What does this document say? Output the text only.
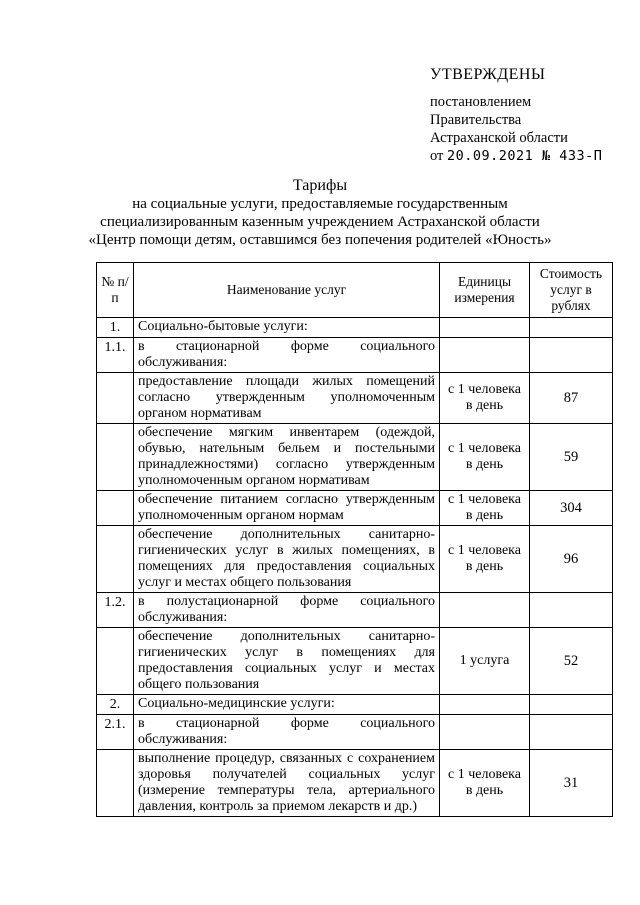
УТВЕРЖДЕНЫ
постановлением
Правительства
Астраханской области
от 20.09.2021 № 433-П
Тарифы
на социальные услуги, предоставляемые государственным
специализированным казенным учреждением Астраханской области
«Центр помощи детям, оставшимся без попечения родителей «Юность»
№ п/п	Наименование услуг	Единицы измерения	Стоимость услуг в рублях
1.	Социально-бытовые услуги:		
1.1.	в стационарной форме социального обслуживания:		
	предоставление площади жилых помещений согласно утвержденным уполномоченным органом нормативам	с 1 человека в день	87
	обеспечение мягким инвентарем (одеждой, обувью, нательным бельем и постельными принадлежностями) согласно утвержденным уполномоченным органом нормативам	с 1 человека в день	59
	обеспечение питанием согласно утвержденным уполномоченным органом нормам	с 1 человека в день	304
	обеспечение дополнительных санитарно-гигиенических услуг в жилых помещениях, в помещениях для предоставления социальных услуг и местах общего пользования	с 1 человека в день	96
1.2.	в полустационарной форме социального обслуживания:		
	обеспечение дополнительных санитарно-гигиенических услуг в помещениях для предоставления социальных услуг и местах общего пользования	1 услуга	52
2.	Социально-медицинские услуги:		
2.1.	в стационарной форме социального обслуживания:		
	выполнение процедур, связанных с сохранением здоровья получателей социальных услуг (измерение температуры тела, артериального давления, контроль за приемом лекарств и др.)	с 1 человека в день	31
